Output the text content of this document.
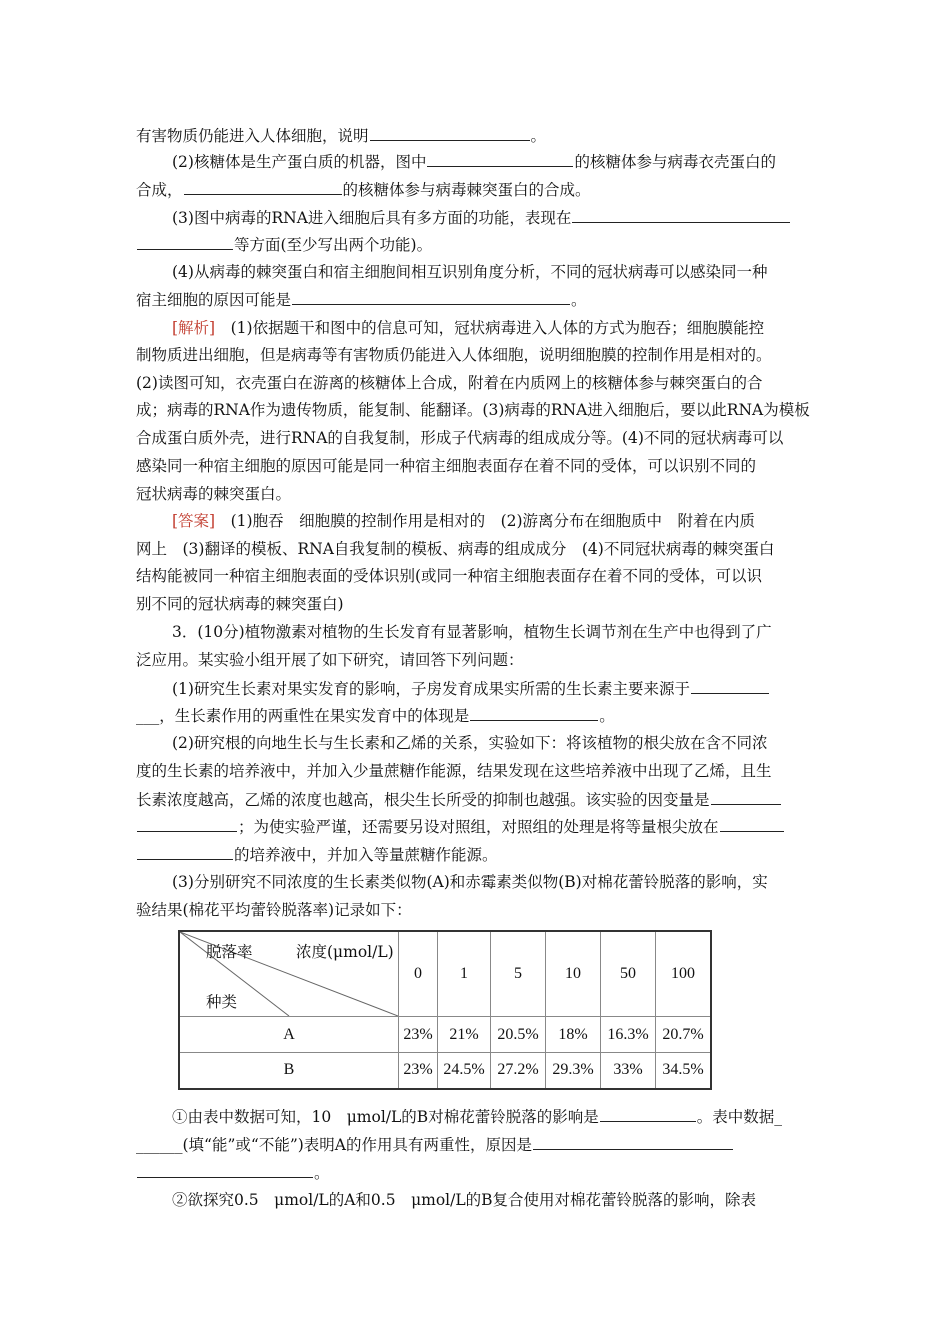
有害物质仍能进入人体细胞，说明	。
(2)核糖体是生产蛋白质的机器，图中	的核糖体参与病毒衣壳蛋白的
合成，	的核糖体参与病毒棘突蛋白的合成。
(3)图中病毒的RNA进入细胞后具有多方面的功能，表现在
等方面(至少写出两个功能)。
(4)从病毒的棘突蛋白和宿主细胞间相互识别角度分析，不同的冠状病毒可以感染同一种
宿主细胞的原因可能是	。
[解析]　 (1)依据题干和图中的信息可知，冠状病毒进入人体的方式为胞吞；细胞膜能控
制物质进出细胞，但是病毒等有害物质仍能进入人体细胞，说明细胞膜的控制作用是相对的。
(2)读图可知，衣壳蛋白在游离的核糖体上合成，附着在内质网上的核糖体参与棘突蛋白的合
成；病毒的RNA作为遗传物质，能复制、能翻译。(3)病毒的RNA进入细胞后，要以此RNA为模板
合成蛋白质外壳，进行RNA的自我复制，形成子代病毒的组成成分等。(4)不同的冠状病毒可以
感染同一种宿主细胞的原因可能是同一种宿主细胞表面存在着不同的受体，可以识别不同的
冠状病毒的棘突蛋白。
[答案]　 (1)胞吞　细胞膜的控制作用是相对的　(2)游离分布在细胞质中　附着在内质
网上　(3)翻译的模板、RNA自我复制的模板、病毒的组成成分　(4)不同冠状病毒的棘突蛋白
结构能被同一种宿主细胞表面的受体识别(或同一种宿主细胞表面存在着不同的受体，可以识
别不同的冠状病毒的棘突蛋白)
3．(10分)植物激素对植物的生长发育有显著影响，植物生长调节剂在生产中也得到了广
泛应用。某实验小组开展了如下研究，请回答下列问题：
(1)研究生长素对果实发育的影响，子房发育成果实所需的生长素主要来源于
___，生长素作用的两重性在果实发育中的体现是	。
(2)研究根的向地生长与生长素和乙烯的关系，实验如下：将该植物的根尖放在含不同浓
度的生长素的培养液中，并加入少量蔗糖作能源，结果发现在这些培养液中出现了乙烯，且生
长素浓度越高，乙烯的浓度也越高，根尖生长所受的抑制也越强。该实验的因变量是
；为使实验严谨，还需要另设对照组，对照组的处理是将等量根尖放在
的培养液中，并加入等量蔗糖作能源。
(3)分别研究不同浓度的生长素类似物(A)和赤霉素类似物(B)对棉花蕾铃脱落的影响，实
验结果(棉花平均蕾铃脱落率)记录如下：
脱落率 浓度(μmol/L)
种类	0	1	5	10	50	100
A	23%	21%	20.5%	18%	16.3%	20.7%
B	23%	24.5%	27.2%	29.3%	33%	34.5%
①由表中数据可知，10　μmol/L的B对棉花蕾铃脱落的影响是	。表中数据_
______(填“能”或“不能”)表明A的作用具有两重性，原因是
。
②欲探究0.5　μmol/L的A和0.5　μmol/L的B复合使用对棉花蕾铃脱落的影响，除表
